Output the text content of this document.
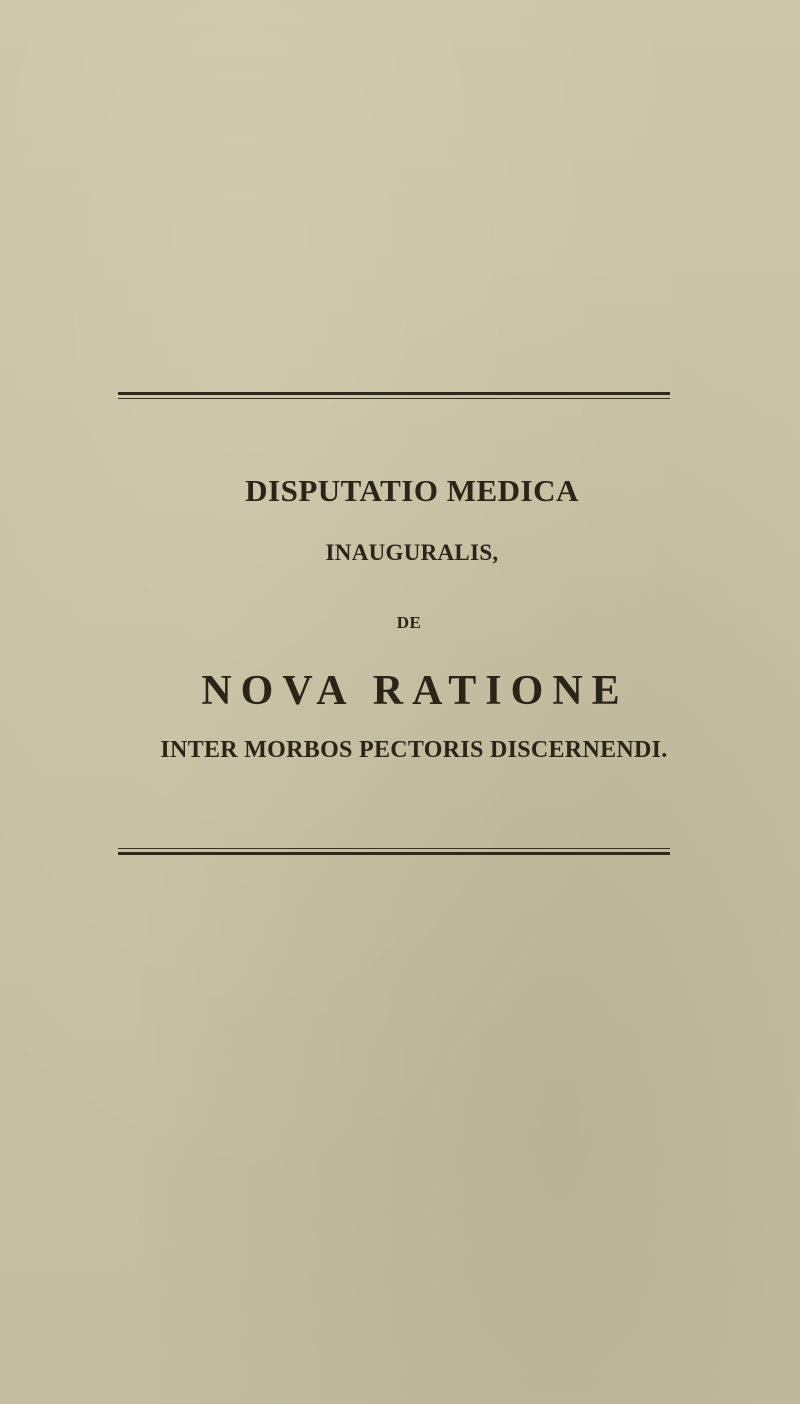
DISPUTATIO MEDICA
INAUGURALIS,
DE
NOVA RATIONE
INTER MORBOS PECTORIS DISCERNENDI.
